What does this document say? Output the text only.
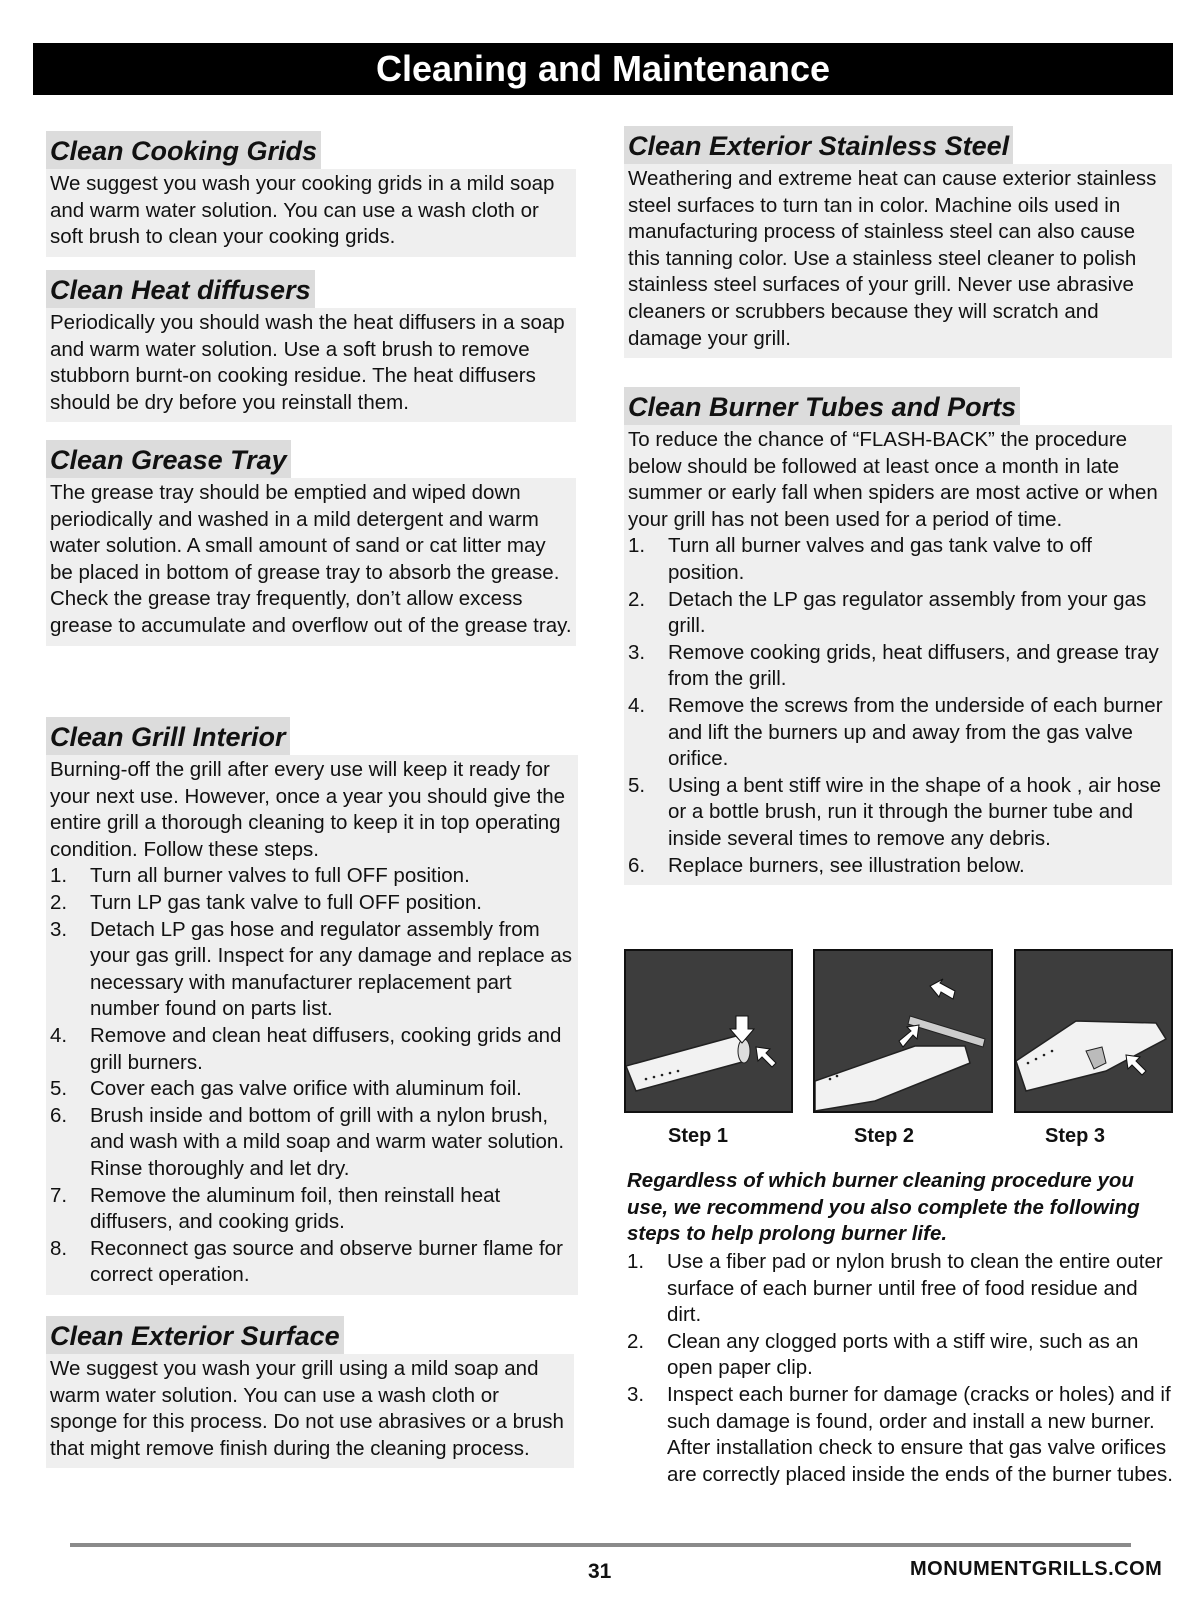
Cleaning and Maintenance
Clean Cooking Grids

We suggest you wash your cooking grids in a mild soap and warm water solution. You can use a wash cloth or soft brush to clean your cooking grids.

Clean Heat diffusers

Periodically you should wash the heat diffusers in a soap and warm water solution. Use a soft brush to remove stubborn burnt-on cooking residue. The heat diffusers should be dry before you reinstall them.

Clean Grease Tray

The grease tray should be emptied and wiped down periodically and washed in a mild detergent and warm water solution. A small amount of sand or cat litter may be placed in bottom of grease tray to absorb the grease.

Check the grease tray frequently, don’t allow excess grease to accumulate and overflow out of the grease tray.

Clean Grill Interior

Burning-off the grill after every use will keep it ready for your next use. However, once a year you should give the entire grill a thorough cleaning to keep it in top operating condition. Follow these steps.

1. Turn all burner valves to full OFF position.
2. Turn LP gas tank valve to full OFF position.
3. Detach LP gas hose and regulator assembly from your gas grill. Inspect for any damage and replace as necessary with manufacturer replacement part number found on parts list.
4. Remove and clean heat diffusers, cooking grids and grill burners.
5. Cover each gas valve orifice with aluminum foil.
6. Brush inside and bottom of grill with a nylon brush, and wash with a mild soap and warm water solution. Rinse thoroughly and let dry.
7. Remove the aluminum foil, then reinstall heat diffusers, and cooking grids.
8. Reconnect gas source and observe burner flame for correct operation.
Clean Exterior Surface

We suggest you wash your grill using a mild soap and warm water solution. You can use a wash cloth or sponge for this process. Do not use abrasives or a brush that might remove finish during the cleaning process.

Clean Exterior Stainless Steel

Weathering and extreme heat can cause exterior stainless steel surfaces to turn tan in color. Machine oils used in manufacturing process of stainless steel can also cause this tanning color. Use a stainless steel cleaner to polish stainless steel surfaces of your grill. Never use abrasive cleaners or scrubbers because they will scratch and damage your grill.

Clean Burner Tubes and Ports

To reduce the chance of “FLASH-BACK” the procedure below should be followed at least once a month in late summer or early fall when spiders are most active or when your grill has not been used for a period of time.

1. Turn all burner valves and gas tank valve to off position.
2. Detach the LP gas regulator assembly from your gas grill.
3. Remove cooking grids, heat diffusers, and grease tray from the grill.
4. Remove the screws from the underside of each burner and lift the burners up and away from the gas valve orifice.
5. Using a bent stiff wire in the shape of a hook , air hose or a bottle brush, run it through the burner tube and inside several times to remove any debris.
6. Replace burners, see illustration below.
Step 1	Step 2	Step 3
Regardless of which burner cleaning procedure you use, we recommend you also complete the following steps to help prolong burner life.
1. Use a fiber pad or nylon brush to clean the entire outer surface of each burner until free of food residue and dirt.
2. Clean any clogged ports with a stiff wire, such as an open paper clip.
3. Inspect each burner for damage (cracks or holes) and if such damage is found, order and install a new burner. After installation check to ensure that gas valve orifices are correctly placed inside the ends of the burner tubes.
31	MONUMENTGRILLS.COM
